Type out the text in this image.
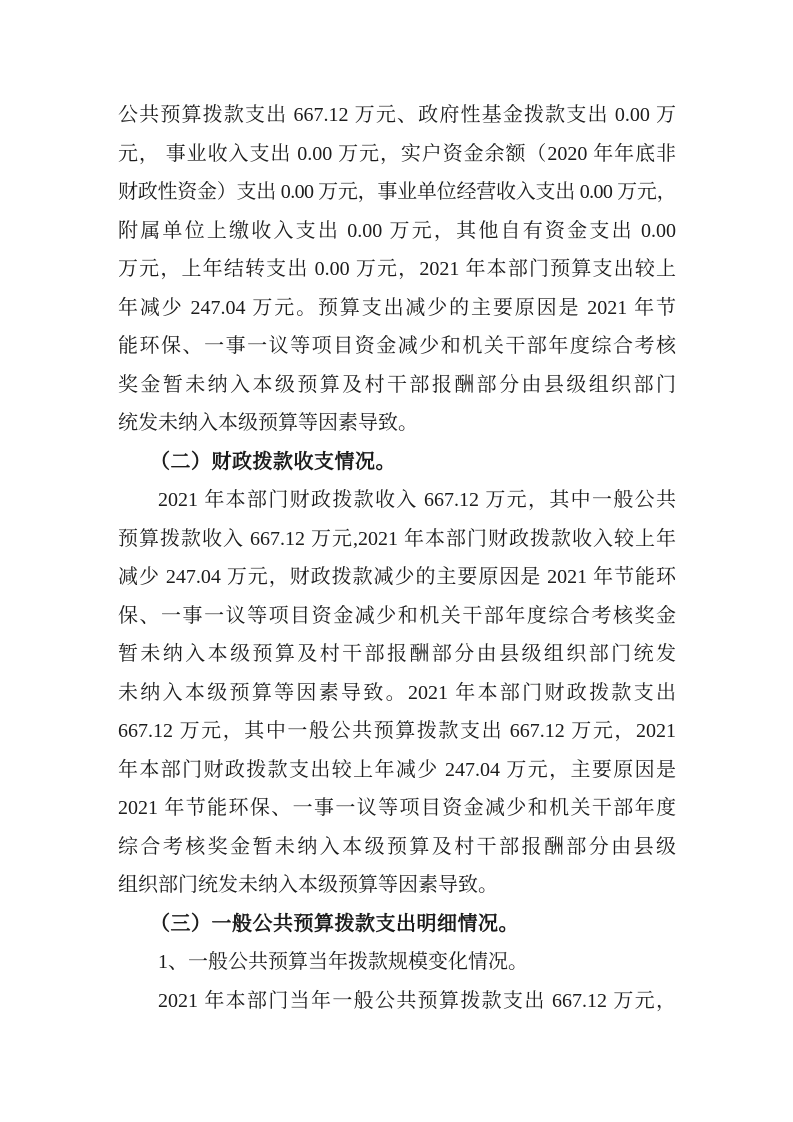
公共预算拨款支出 667.12 万元、政府性基金拨款支出 0.00 万
元， 事业收入支出 0.00 万元，实户资金余额（2020 年年底非
财政性资金）支出 0.00 万元，事业单位经营收入支出 0.00 万元，
附属单位上缴收入支出 0.00 万元，其他自有资金支出 0.00
万元，上年结转支出 0.00 万元，2021 年本部门预算支出较上
年减少 247.04 万元。预算支出减少的主要原因是 2021 年节
能环保、一事一议等项目资金减少和机关干部年度综合考核
奖金暂未纳入本级预算及村干部报酬部分由县级组织部门
统发未纳入本级预算等因素导致。
（二）财政拨款收支情况。
2021 年本部门财政拨款收入 667.12 万元，其中一般公共
预算拨款收入 667.12 万元,2021 年本部门财政拨款收入较上年
减少 247.04 万元，财政拨款减少的主要原因是 2021 年节能环
保、一事一议等项目资金减少和机关干部年度综合考核奖金
暂未纳入本级预算及村干部报酬部分由县级组织部门统发
未纳入本级预算等因素导致。2021 年本部门财政拨款支出
667.12 万元，其中一般公共预算拨款支出 667.12 万元，2021
年本部门财政拨款支出较上年减少 247.04 万元，主要原因是
2021 年节能环保、一事一议等项目资金减少和机关干部年度
综合考核奖金暂未纳入本级预算及村干部报酬部分由县级
组织部门统发未纳入本级预算等因素导致。
（三）一般公共预算拨款支出明细情况。
1、一般公共预算当年拨款规模变化情况。
2021 年本部门当年一般公共预算拨款支出 667.12 万元，
